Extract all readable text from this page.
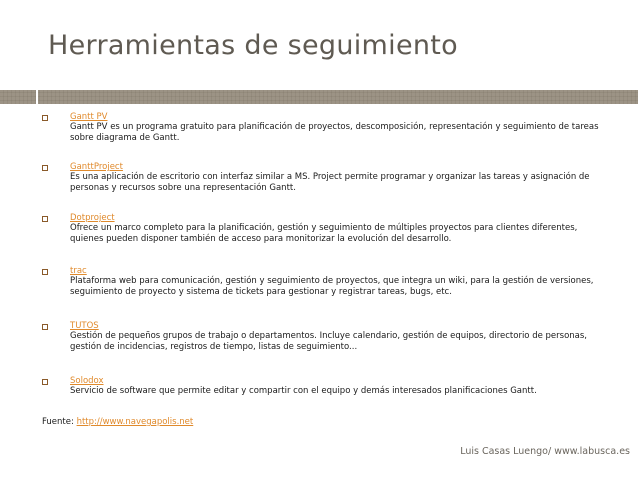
Herramientas de seguimiento
Gantt PV
Gantt PV es un programa gratuito para planificación de proyectos, descomposición, representación y seguimiento de tareas sobre diagrama de Gantt.
GanttProject
Es una aplicación de escritorio con interfaz similar a MS. Project permite programar y organizar las tareas y asignación de personas y recursos sobre una representación Gantt.
Dotproject
Ofrece un marco completo para la planificación, gestión y seguimiento de múltiples proyectos para clientes diferentes, quienes pueden disponer también de acceso para monitorizar la evolución del desarrollo.
trac
Plataforma web para comunicación, gestión y seguimiento de proyectos, que integra un wiki, para la gestión de versiones, seguimiento de proyecto y sistema de tickets para gestionar y registrar tareas, bugs, etc.
TUTOS
Gestión de pequeños grupos de trabajo o departamentos. Incluye calendario, gestión de equipos, directorio de personas, gestión de incidencias, registros de tiempo, listas de seguimiento...
Solodox
Servicio de software que permite editar y compartir con el equipo y demás interesados planificaciones Gantt.
Fuente: http://www.navegapolis.net
Luis Casas Luengo/ www.labusca.es
